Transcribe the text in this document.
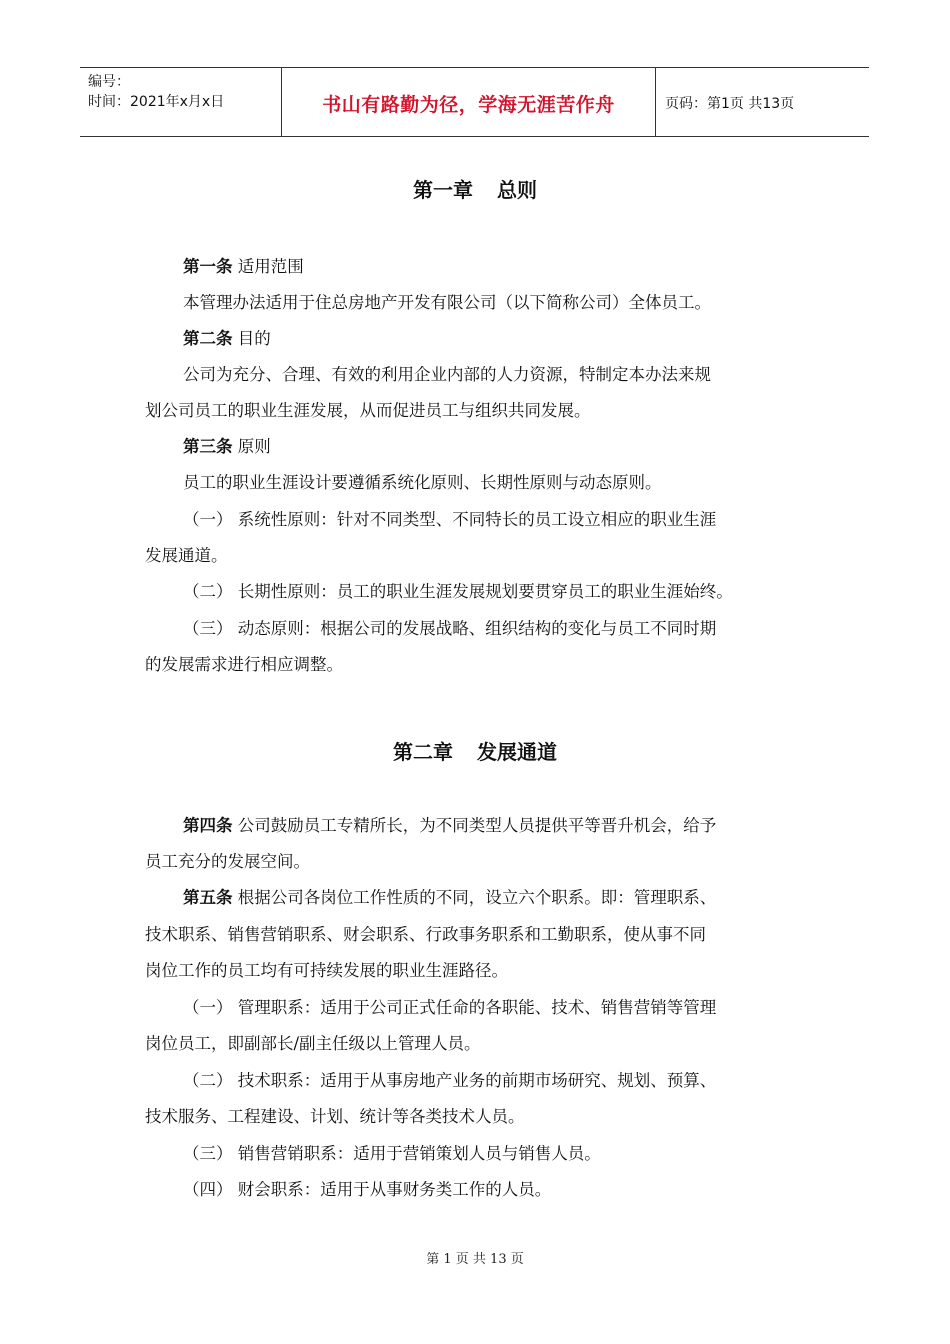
编号：
时间：2021年x月x日	书山有路勤为径，学海无涯苦作舟	页码：第1页 共13页
第一章 总则
第一条 适用范围
本管理办法适用于住总房地产开发有限公司（以下简称公司）全体员工。
第二条 目的
公司为充分、合理、有效的利用企业内部的人力资源，特制定本办法来规
划公司员工的职业生涯发展，从而促进员工与组织共同发展。
第三条 原则
员工的职业生涯设计要遵循系统化原则、长期性原则与动态原则。
（一） 系统性原则：针对不同类型、不同特长的员工设立相应的职业生涯
发展通道。
（二） 长期性原则：员工的职业生涯发展规划要贯穿员工的职业生涯始终。
（三） 动态原则：根据公司的发展战略、组织结构的变化与员工不同时期
的发展需求进行相应调整。
第二章 发展通道
第四条 公司鼓励员工专精所长，为不同类型人员提供平等晋升机会，给予
员工充分的发展空间。
第五条 根据公司各岗位工作性质的不同，设立六个职系。即：管理职系、
技术职系、销售营销职系、财会职系、行政事务职系和工勤职系，使从事不同
岗位工作的员工均有可持续发展的职业生涯路径。
（一） 管理职系：适用于公司正式任命的各职能、技术、销售营销等管理
岗位员工，即副部长/副主任级以上管理人员。
（二） 技术职系：适用于从事房地产业务的前期市场研究、规划、预算、
技术服务、工程建设、计划、统计等各类技术人员。
（三） 销售营销职系：适用于营销策划人员与销售人员。
（四） 财会职系：适用于从事财务类工作的人员。
第 1 页 共 13 页
